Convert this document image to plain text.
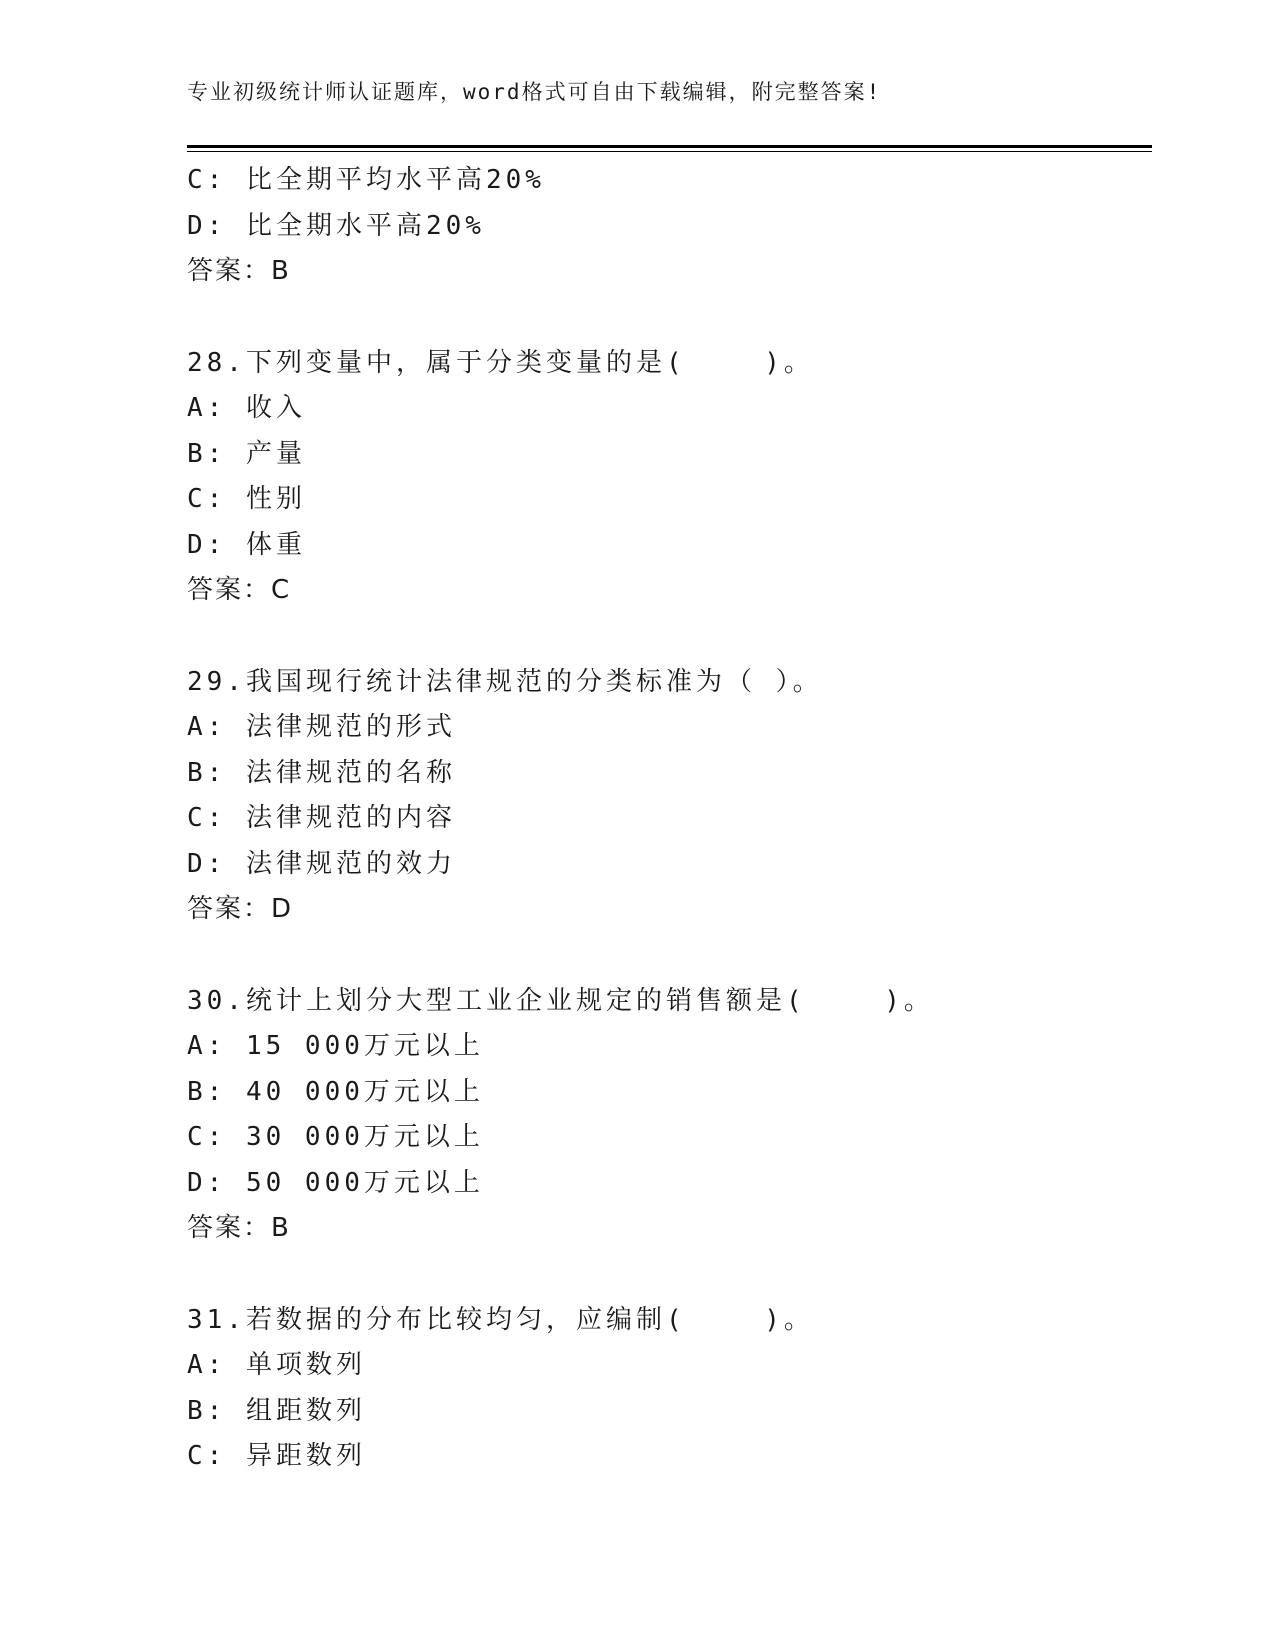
专业初级统计师认证题库，word格式可自由下载编辑，附完整答案!
C: 比全期平均水平高20%
D: 比全期水平高20%
答案：B
28.下列变量中，属于分类变量的是(    )。
A: 收入
B: 产量
C: 性别
D: 体重
答案：C
29.我国现行统计法律规范的分类标准为（ ）。
A: 法律规范的形式
B: 法律规范的名称
C: 法律规范的内容
D: 法律规范的效力
答案：D
30.统计上划分大型工业企业规定的销售额是(    )。
A: 15 000万元以上
B: 40 000万元以上
C: 30 000万元以上
D: 50 000万元以上
答案：B
31.若数据的分布比较均匀，应编制(    )。
A: 单项数列
B: 组距数列
C: 异距数列
